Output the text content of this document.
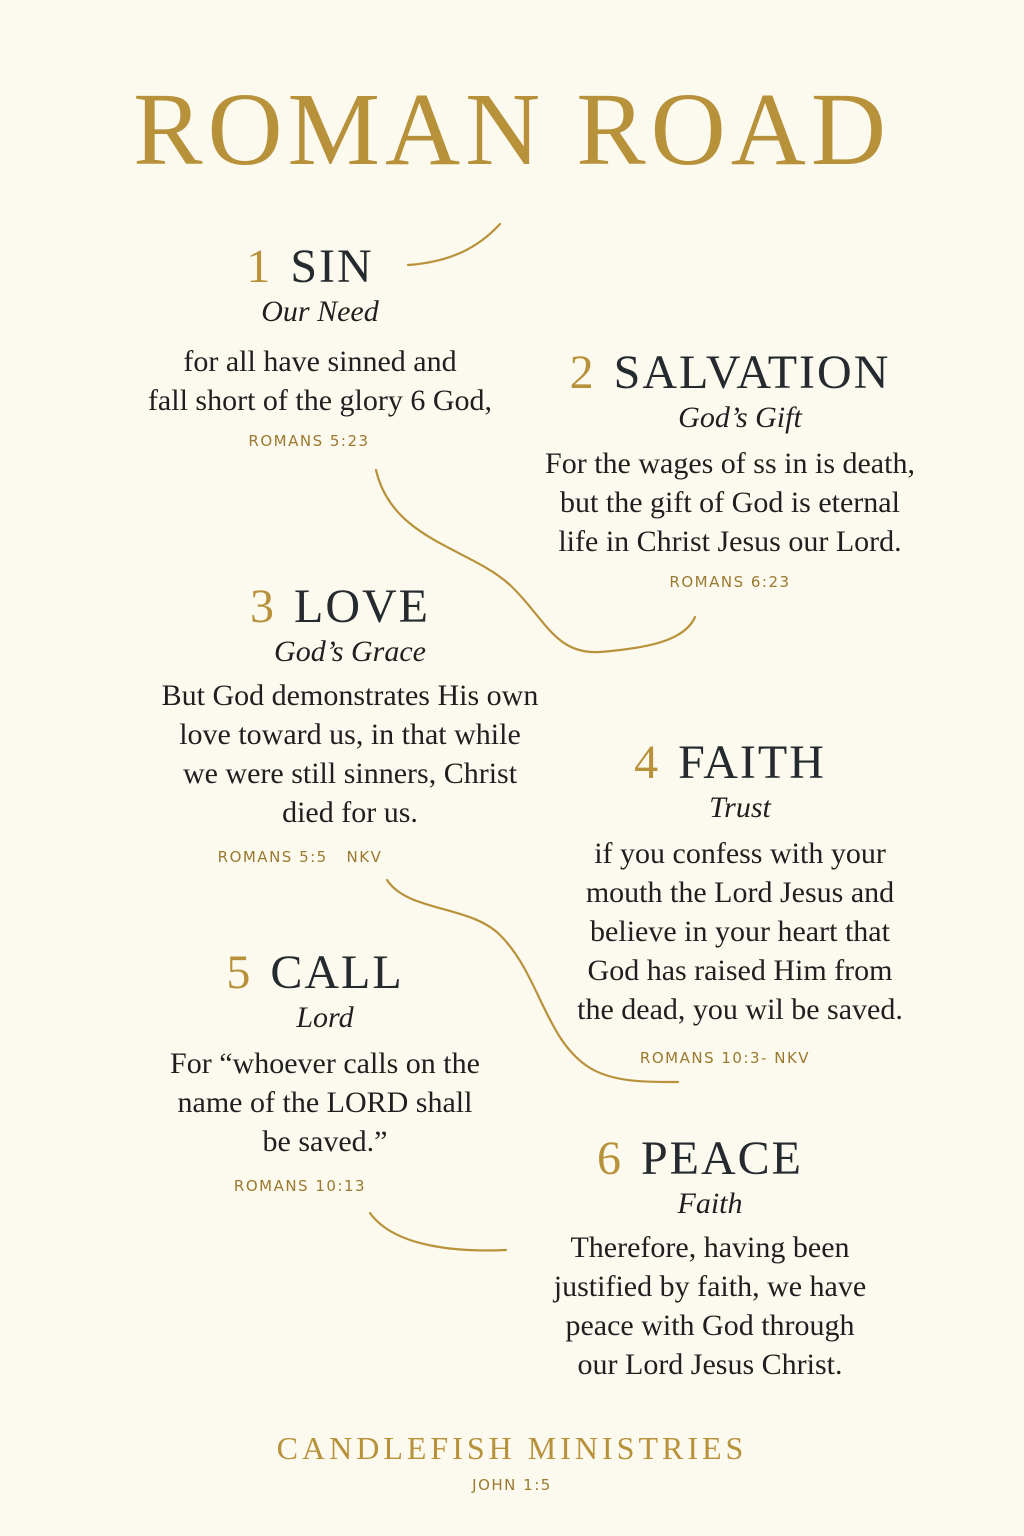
ROMAN ROAD
1 SIN
Our Need
for all have sinned and
fall short of the glory 6 God,
ROMANS 5:23
2 SALVATION
God’s Gift
For the wages of ss in is death,
but the gift of God is eternal
life in Christ Jesus our Lord.
ROMANS 6:23
3 LOVE
God’s Grace
But God demonstrates His own
love toward us, in that while
we were still sinners, Christ
died for us.
ROMANS 5:5   NKV
4 FAITH
Trust
if you confess with your
mouth the Lord Jesus and
believe in your heart that
God has raised Him from
the dead, you wil be saved.
ROMANS 10:3- NKV
5 CALL
Lord
For “whoever calls on the
name of the LORD shall
be saved.”
ROMANS 10:13
6 PEACE
Faith
Therefore, having been
justified by faith, we have
peace with God through
our Lord Jesus Christ.
CANDLEFISH MINISTRIES
JOHN 1:5
